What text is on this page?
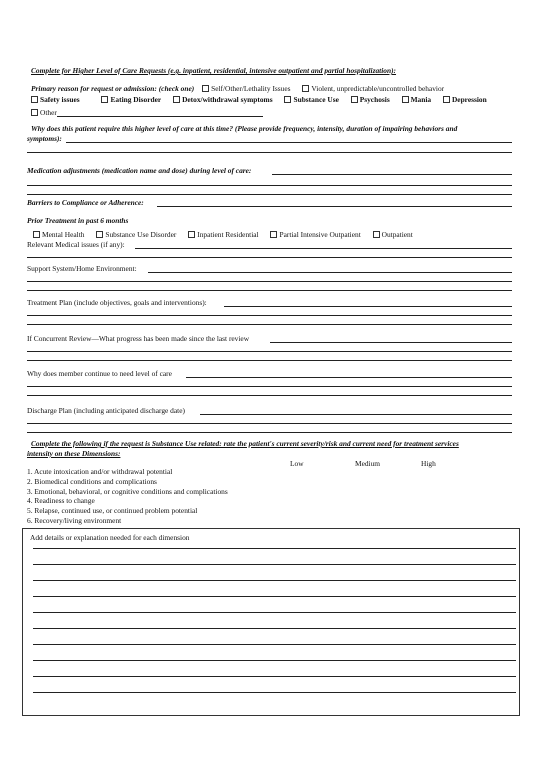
Complete for Higher Level of Care Requests (e.g. inpatient, residential, intensive outpatient and partial hospitalization):
Primary reason for request or admission: (check one) Self/Other/Lethality Issues	Violent, unpredictable/uncontrolled behavior
Safety issues	Eating Disorder	Detox/withdrawal symptoms	Substance Use	Psychosis	Mania	Depression
Other
Why does this patient require this higher level of care at this time? (Please provide frequency, intensity, duration of impairing behaviors and
symptoms):
Medication adjustments (medication name and dose) during level of care:
Barriers to Compliance or Adherence:
Prior Treatment in past 6 months
Mental Health	Substance Use Disorder	Inpatient Residential	Partial Intensive Outpatient	Outpatient
Relevant Medical issues (if any):
Support System/Home Environment:
Treatment Plan (include objectives, goals and interventions):
If Concurrent Review—What progress has been made since the last review
Why does member continue to need level of care
Discharge Plan (including anticipated discharge date)
Complete the following if the request is Substance Use related: rate the patient's current severity/risk and current need for treatment services
intensity on these Dimensions:
Low	Medium	High
1. Acute intoxication and/or withdrawal potential
2. Biomedical conditions and complications
3. Emotional, behavioral, or cognitive conditions and complications
4. Readiness to change
5. Relapse, continued use, or continued problem potential
6. Recovery/living environment
Add details or explanation needed for each dimension
